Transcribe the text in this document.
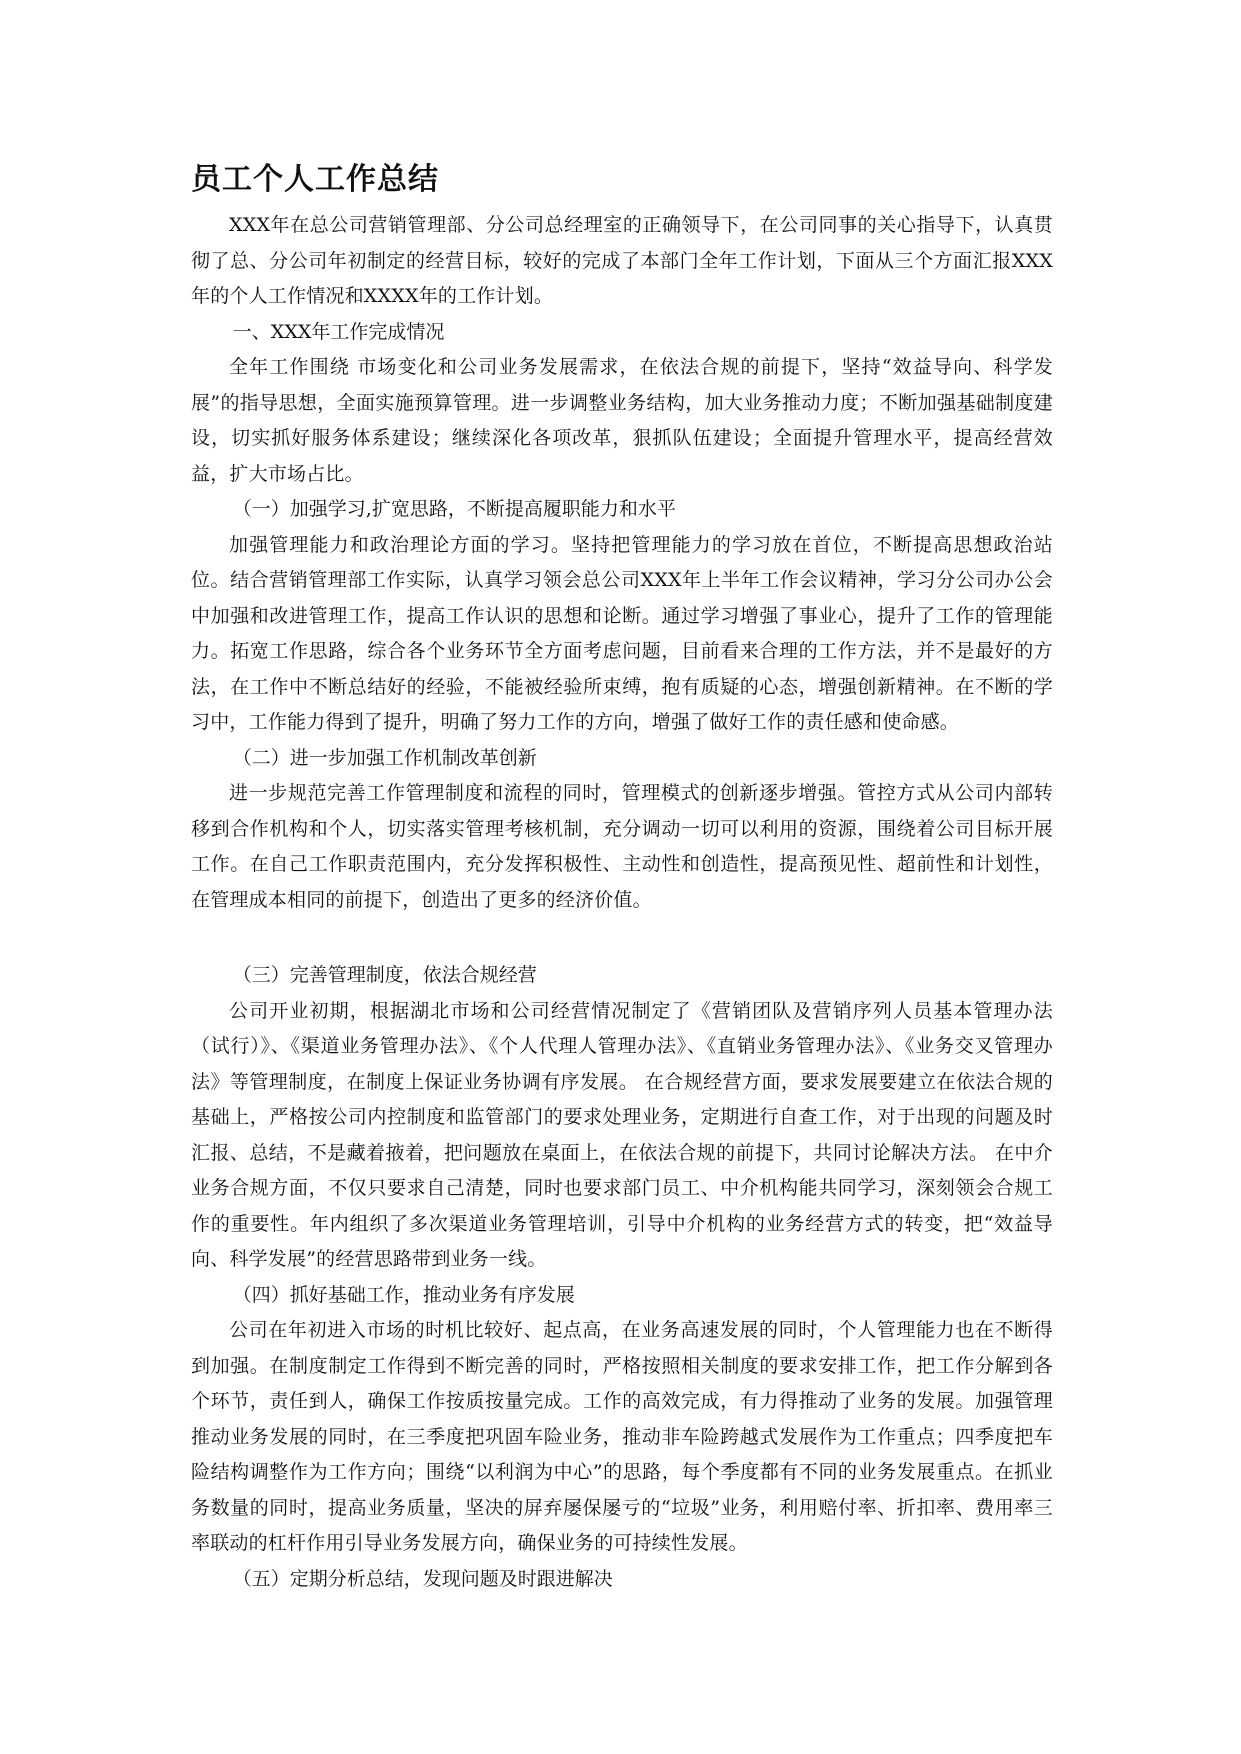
员工个人工作总结

XXX年在总公司营销管理部、分公司总经理室的正确领导下，在公司同事的关心指导下，认真贯彻了总、分公司年初制定的经营目标，较好的完成了本部门全年工作计划，下面从三个方面汇报XXX年的个人工作情况和XXXX年的工作计划。

一、XXX年工作完成情况

全年工作围绕 市场变化和公司业务发展需求，在依法合规的前提下，坚持“效益导向、科学发展”的指导思想，全面实施预算管理。进一步调整业务结构，加大业务推动力度；不断加强基础制度建设，切实抓好服务体系建设；继续深化各项改革，狠抓队伍建设；全面提升管理水平，提高经营效益，扩大市场占比。

（一）加强学习,扩宽思路，不断提高履职能力和水平

加强管理能力和政治理论方面的学习。坚持把管理能力的学习放在首位，不断提高思想政治站位。结合营销管理部工作实际，认真学习领会总公司XXX年上半年工作会议精神，学习分公司办公会中加强和改进管理工作，提高工作认识的思想和论断。通过学习增强了事业心，提升了工作的管理能力。拓宽工作思路，综合各个业务环节全方面考虑问题，目前看来合理的工作方法，并不是最好的方法，在工作中不断总结好的经验，不能被经验所束缚，抱有质疑的心态，增强创新精神。在不断的学习中，工作能力得到了提升，明确了努力工作的方向，增强了做好工作的责任感和使命感。

（二）进一步加强工作机制改革创新

进一步规范完善工作管理制度和流程的同时，管理模式的创新逐步增强。管控方式从公司内部转移到合作机构和个人，切实落实管理考核机制，充分调动一切可以利用的资源，围绕着公司目标开展工作。在自己工作职责范围内，充分发挥积极性、主动性和创造性，提高预见性、超前性和计划性，在管理成本相同的前提下，创造出了更多的经济价值。

（三）完善管理制度，依法合规经营

公司开业初期，根据湖北市场和公司经营情况制定了《营销团队及营销序列人员基本管理办法（试行）》、《渠道业务管理办法》、《个人代理人管理办法》、《直销业务管理办法》、《业务交叉管理办法》等管理制度，在制度上保证业务协调有序发展。 在合规经营方面，要求发展要建立在依法合规的基础上，严格按公司内控制度和监管部门的要求处理业务，定期进行自查工作，对于出现的问题及时汇报、总结，不是藏着掖着，把问题放在桌面上，在依法合规的前提下，共同讨论解决方法。 在中介业务合规方面，不仅只要求自己清楚，同时也要求部门员工、中介机构能共同学习，深刻领会合规工作的重要性。年内组织了多次渠道业务管理培训，引导中介机构的业务经营方式的转变，把“效益导向、科学发展”的经营思路带到业务一线。

（四）抓好基础工作，推动业务有序发展

公司在年初进入市场的时机比较好、起点高，在业务高速发展的同时，个人管理能力也在不断得到加强。在制度制定工作得到不断完善的同时，严格按照相关制度的要求安排工作，把工作分解到各个环节，责任到人，确保工作按质按量完成。工作的高效完成，有力得推动了业务的发展。加强管理推动业务发展的同时，在三季度把巩固车险业务，推动非车险跨越式发展作为工作重点；四季度把车险结构调整作为工作方向；围绕“以利润为中心”的思路，每个季度都有不同的业务发展重点。在抓业务数量的同时，提高业务质量，坚决的屏弃屡保屡亏的“垃圾”业务，利用赔付率、折扣率、费用率三率联动的杠杆作用引导业务发展方向，确保业务的可持续性发展。

（五）定期分析总结，发现问题及时跟进解决
